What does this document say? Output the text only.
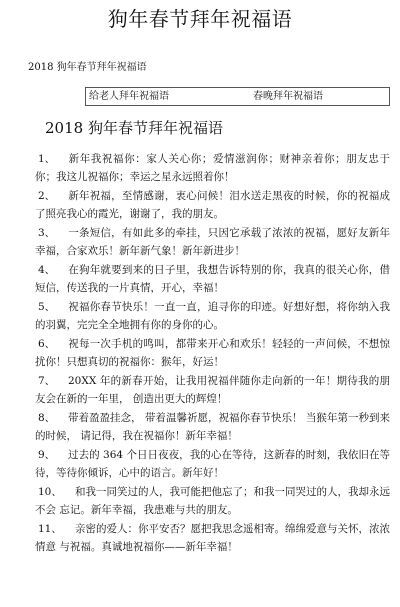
狗年春节拜年祝福语
2018 狗年春节拜年祝福语
给老人拜年祝福语	春晚拜年祝福语
2018 狗年春节拜年祝福语

1、 新年我祝福你：家人关心你；爱情滋润你；财神亲着你；朋友忠于你；我这儿祝福你；幸运之星永远照着你！

2、 新年祝福，至情感谢，衷心问候！泪水送走黑夜的时候，你的祝福成了照亮我心的霞光，谢谢了，我的朋友。

3、 一条短信，有如此多的牵挂，只因它承载了浓浓的祝福，愿好友新年幸福，合家欢乐！新年新气象！新年新进步！

4、 在狗年就要到来的日子里，我想告诉特别的你，我真的很关心你，借短信，传送我的一片真情，开心，幸福！

5、 祝福你春节快乐！一直一直，追寻你的印迹。好想好想，将你纳入我的羽翼，完完全全地拥有你的身你的心。

6、 祝每一次手机的鸣叫，都带来开心和欢乐！轻轻的一声问候，不想惊扰你！只想真切的祝福你：猴年，好运！

7、 20XX 年的新春开始，让我用祝福伴随你走向新的一年！期待我的朋友会在新的一年里， 创造出更大的辉煌！

8、 带着盈盈挂念， 带着温馨祈愿，祝福你春节快乐！ 当猴年第一秒到来的时候， 请记得，我在祝福你！新年幸福！

9、 过去的 364 个日日夜夜，我的心在等待，这新春的时刻，我依旧在等待，等待你倾诉，心中的语言。新年好！

10、 和我一同笑过的人，我可能把他忘了；和我一同哭过的人，我却永远不会 忘记。新年幸福，我患难与共的朋友。

11、 亲密的爱人：你平安否？愿把我思念遥相寄。绵绵爱意与关怀，浓浓情意 与祝福。真诚地祝福你——新年幸福！
